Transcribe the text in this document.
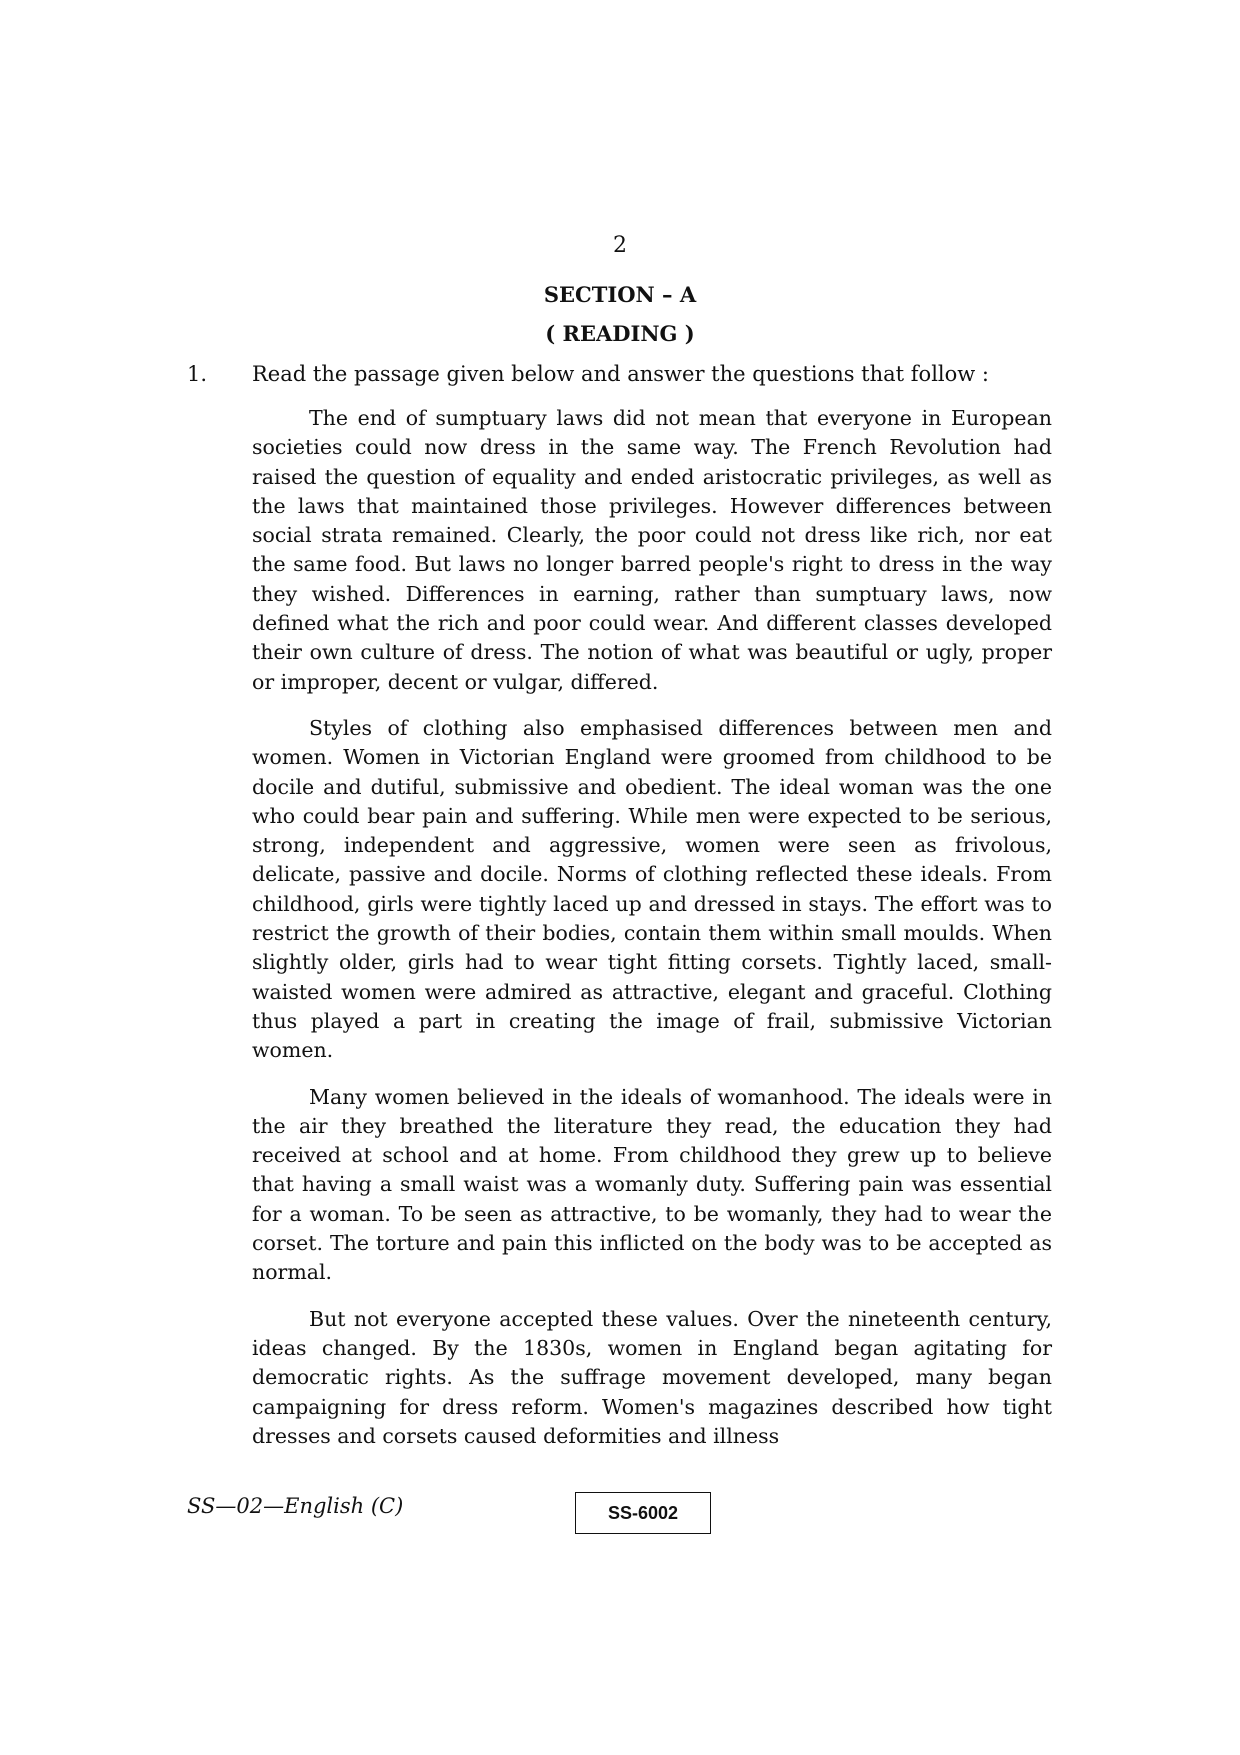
2
SECTION – A
( READING )
1. Read the passage given below and answer the questions that follow :

The end of sumptuary laws did not mean that everyone in European societies could now dress in the same way. The French Revolution had raised the question of equality and ended aristocratic privileges, as well as the laws that maintained those privileges. However differences between social strata remained. Clearly, the poor could not dress like rich, nor eat the same food. But laws no longer barred people's right to dress in the way they wished. Differences in earning, rather than sumptuary laws, now defined what the rich and poor could wear. And different classes developed their own culture of dress. The notion of what was beautiful or ugly, proper or improper, decent or vulgar, differed.

Styles of clothing also emphasised differences between men and women. Women in Victorian England were groomed from childhood to be docile and dutiful, submissive and obedient. The ideal woman was the one who could bear pain and suffering. While men were expected to be serious, strong, independent and aggressive, women were seen as frivolous, delicate, passive and docile. Norms of clothing reflected these ideals. From childhood, girls were tightly laced up and dressed in stays. The effort was to restrict the growth of their bodies, contain them within small moulds. When slightly older, girls had to wear tight fitting corsets. Tightly laced, small-waisted women were admired as attractive, elegant and graceful. Clothing thus played a part in creating the image of frail, submissive Victorian women.

Many women believed in the ideals of womanhood. The ideals were in the air they breathed the literature they read, the education they had received at school and at home. From childhood they grew up to believe that having a small waist was a womanly duty. Suffering pain was essential for a woman. To be seen as attractive, to be womanly, they had to wear the corset. The torture and pain this inflicted on the body was to be accepted as normal.

But not everyone accepted these values. Over the nineteenth century, ideas changed. By the 1830s, women in England began agitating for democratic rights. As the suffrage movement developed, many began campaigning for dress reform. Women's magazines described how tight dresses and corsets caused deformities and illness

SS—02—English (C)	SS-6002
